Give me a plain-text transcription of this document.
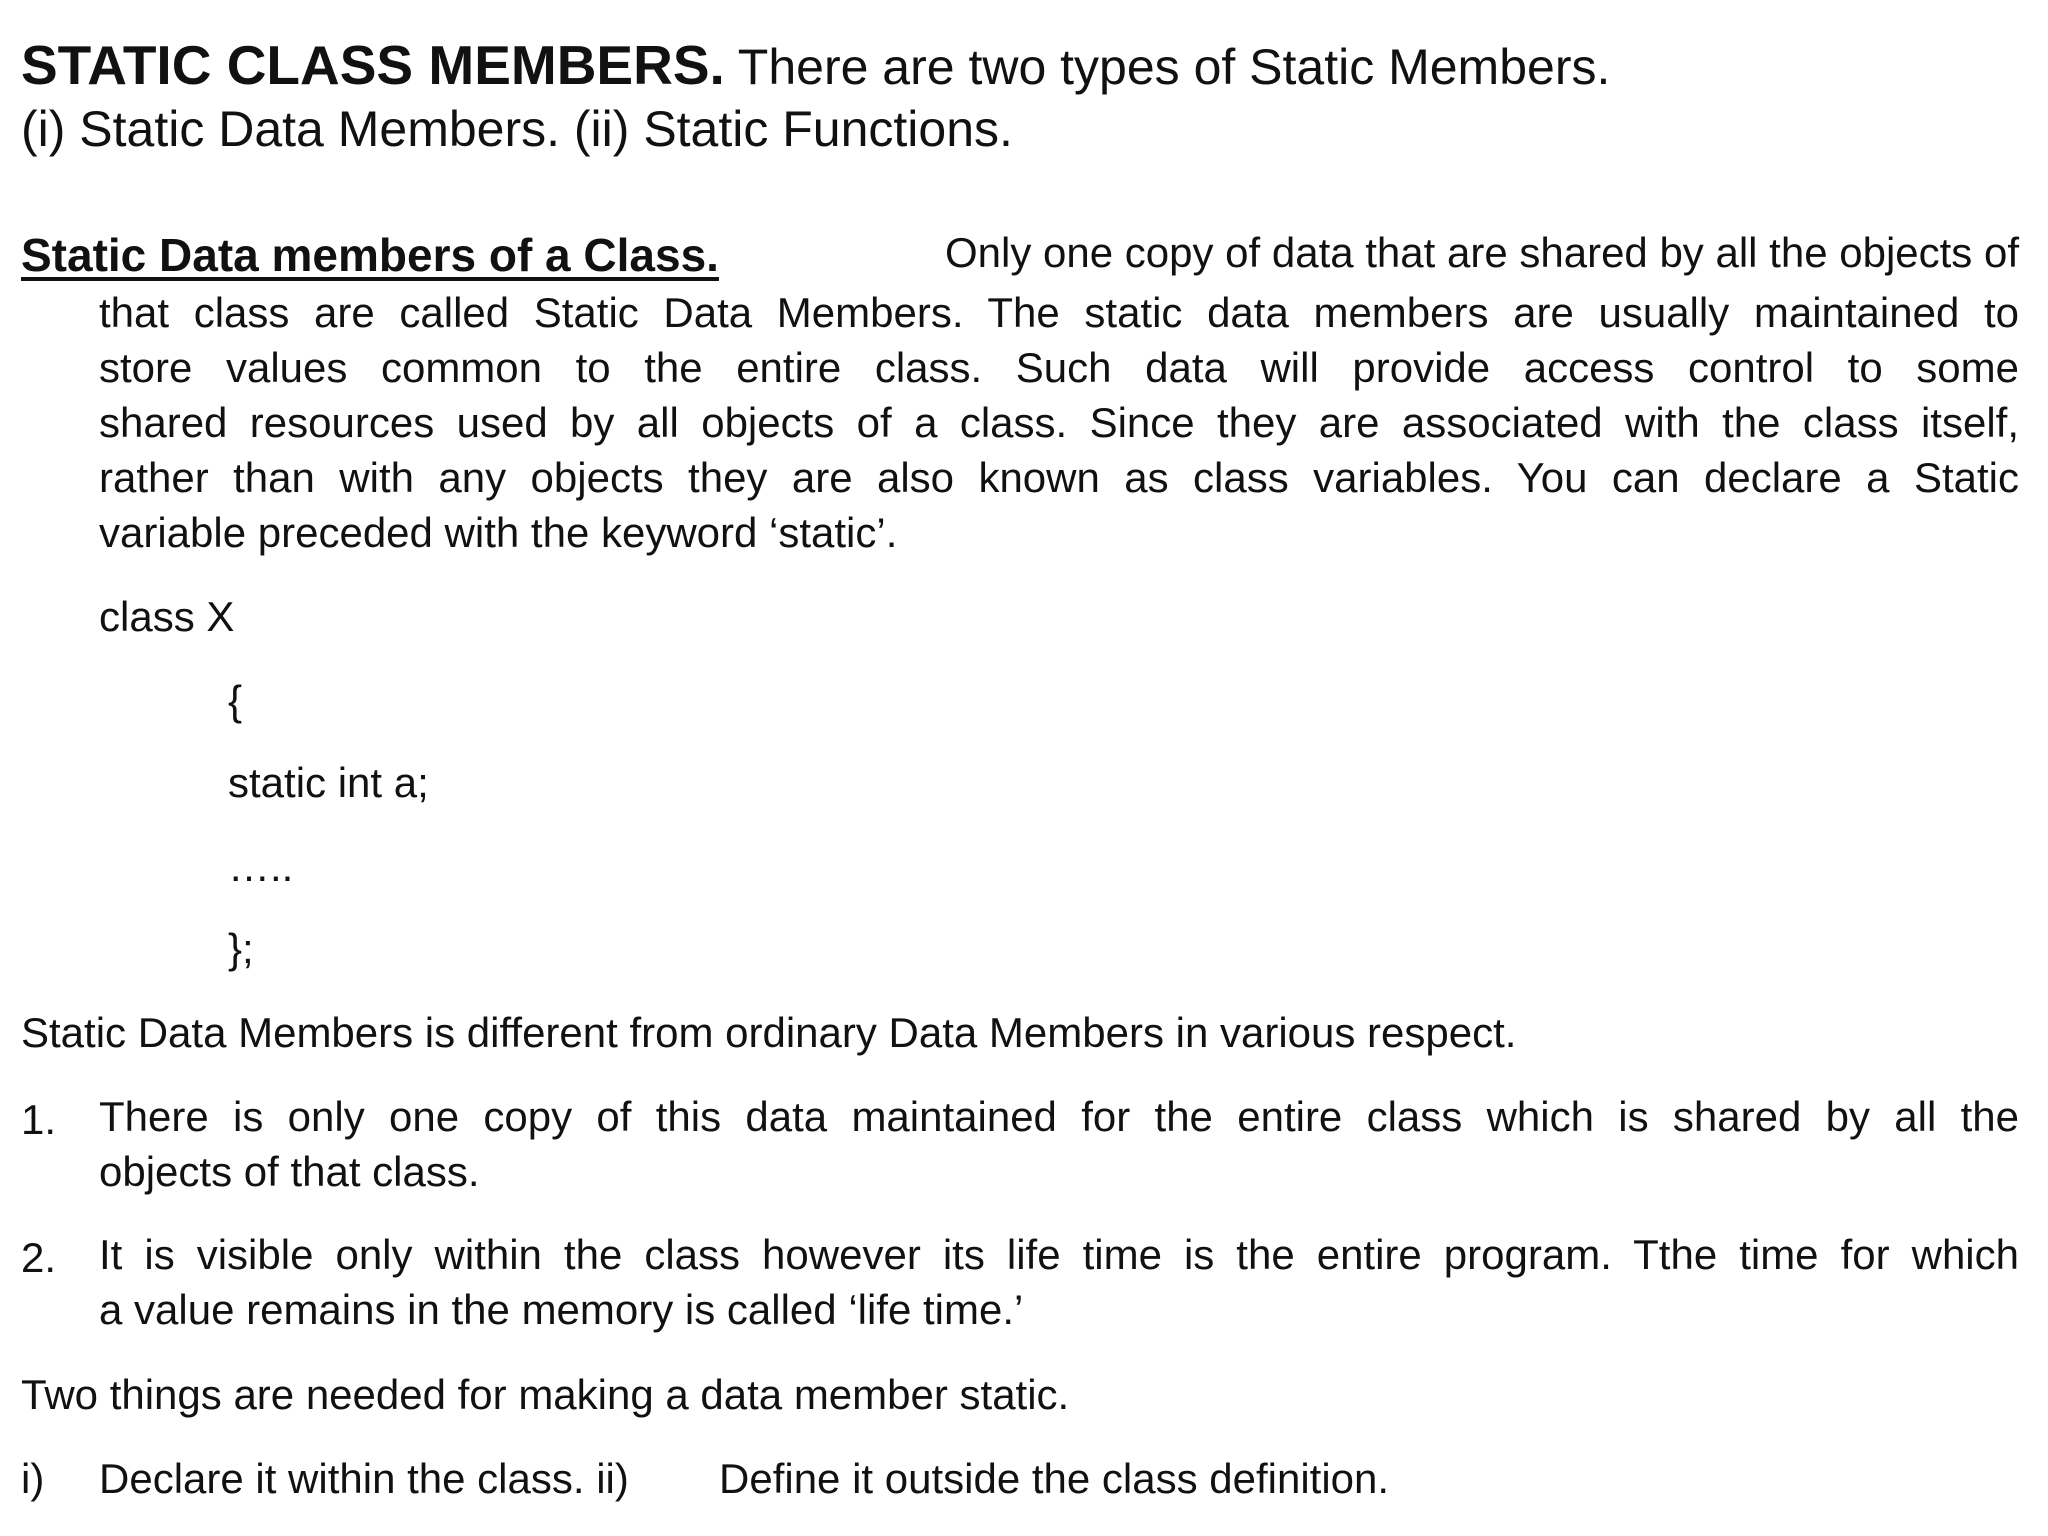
STATIC CLASS MEMBERS. There are two types of Static Members.
(i) Static Data Members. (ii) Static Functions.
Static Data members of a Class.	Only one copy of data that are shared by all the objects of
that class are called Static Data Members. The static data members are usually maintained to
store values common to the entire class. Such data will provide access control to some
shared resources used by all objects of a class. Since they are associated with the class itself,
rather than with any objects they are also known as class variables. You can declare a Static
variable preceded with the keyword ‘static’.
class X
{
static int a;
…..
};
Static Data Members is different from ordinary Data Members in various respect.
1. There is only one copy of this data maintained for the entire class which is shared by all the
objects of that class.
2. It is visible only within the class however its life time is the entire program. Tthe time for which
a value remains in the memory is called ‘life time.’
Two things are needed for making a data member static.
i) Declare it within the class. ii) Define it outside the class definition.
